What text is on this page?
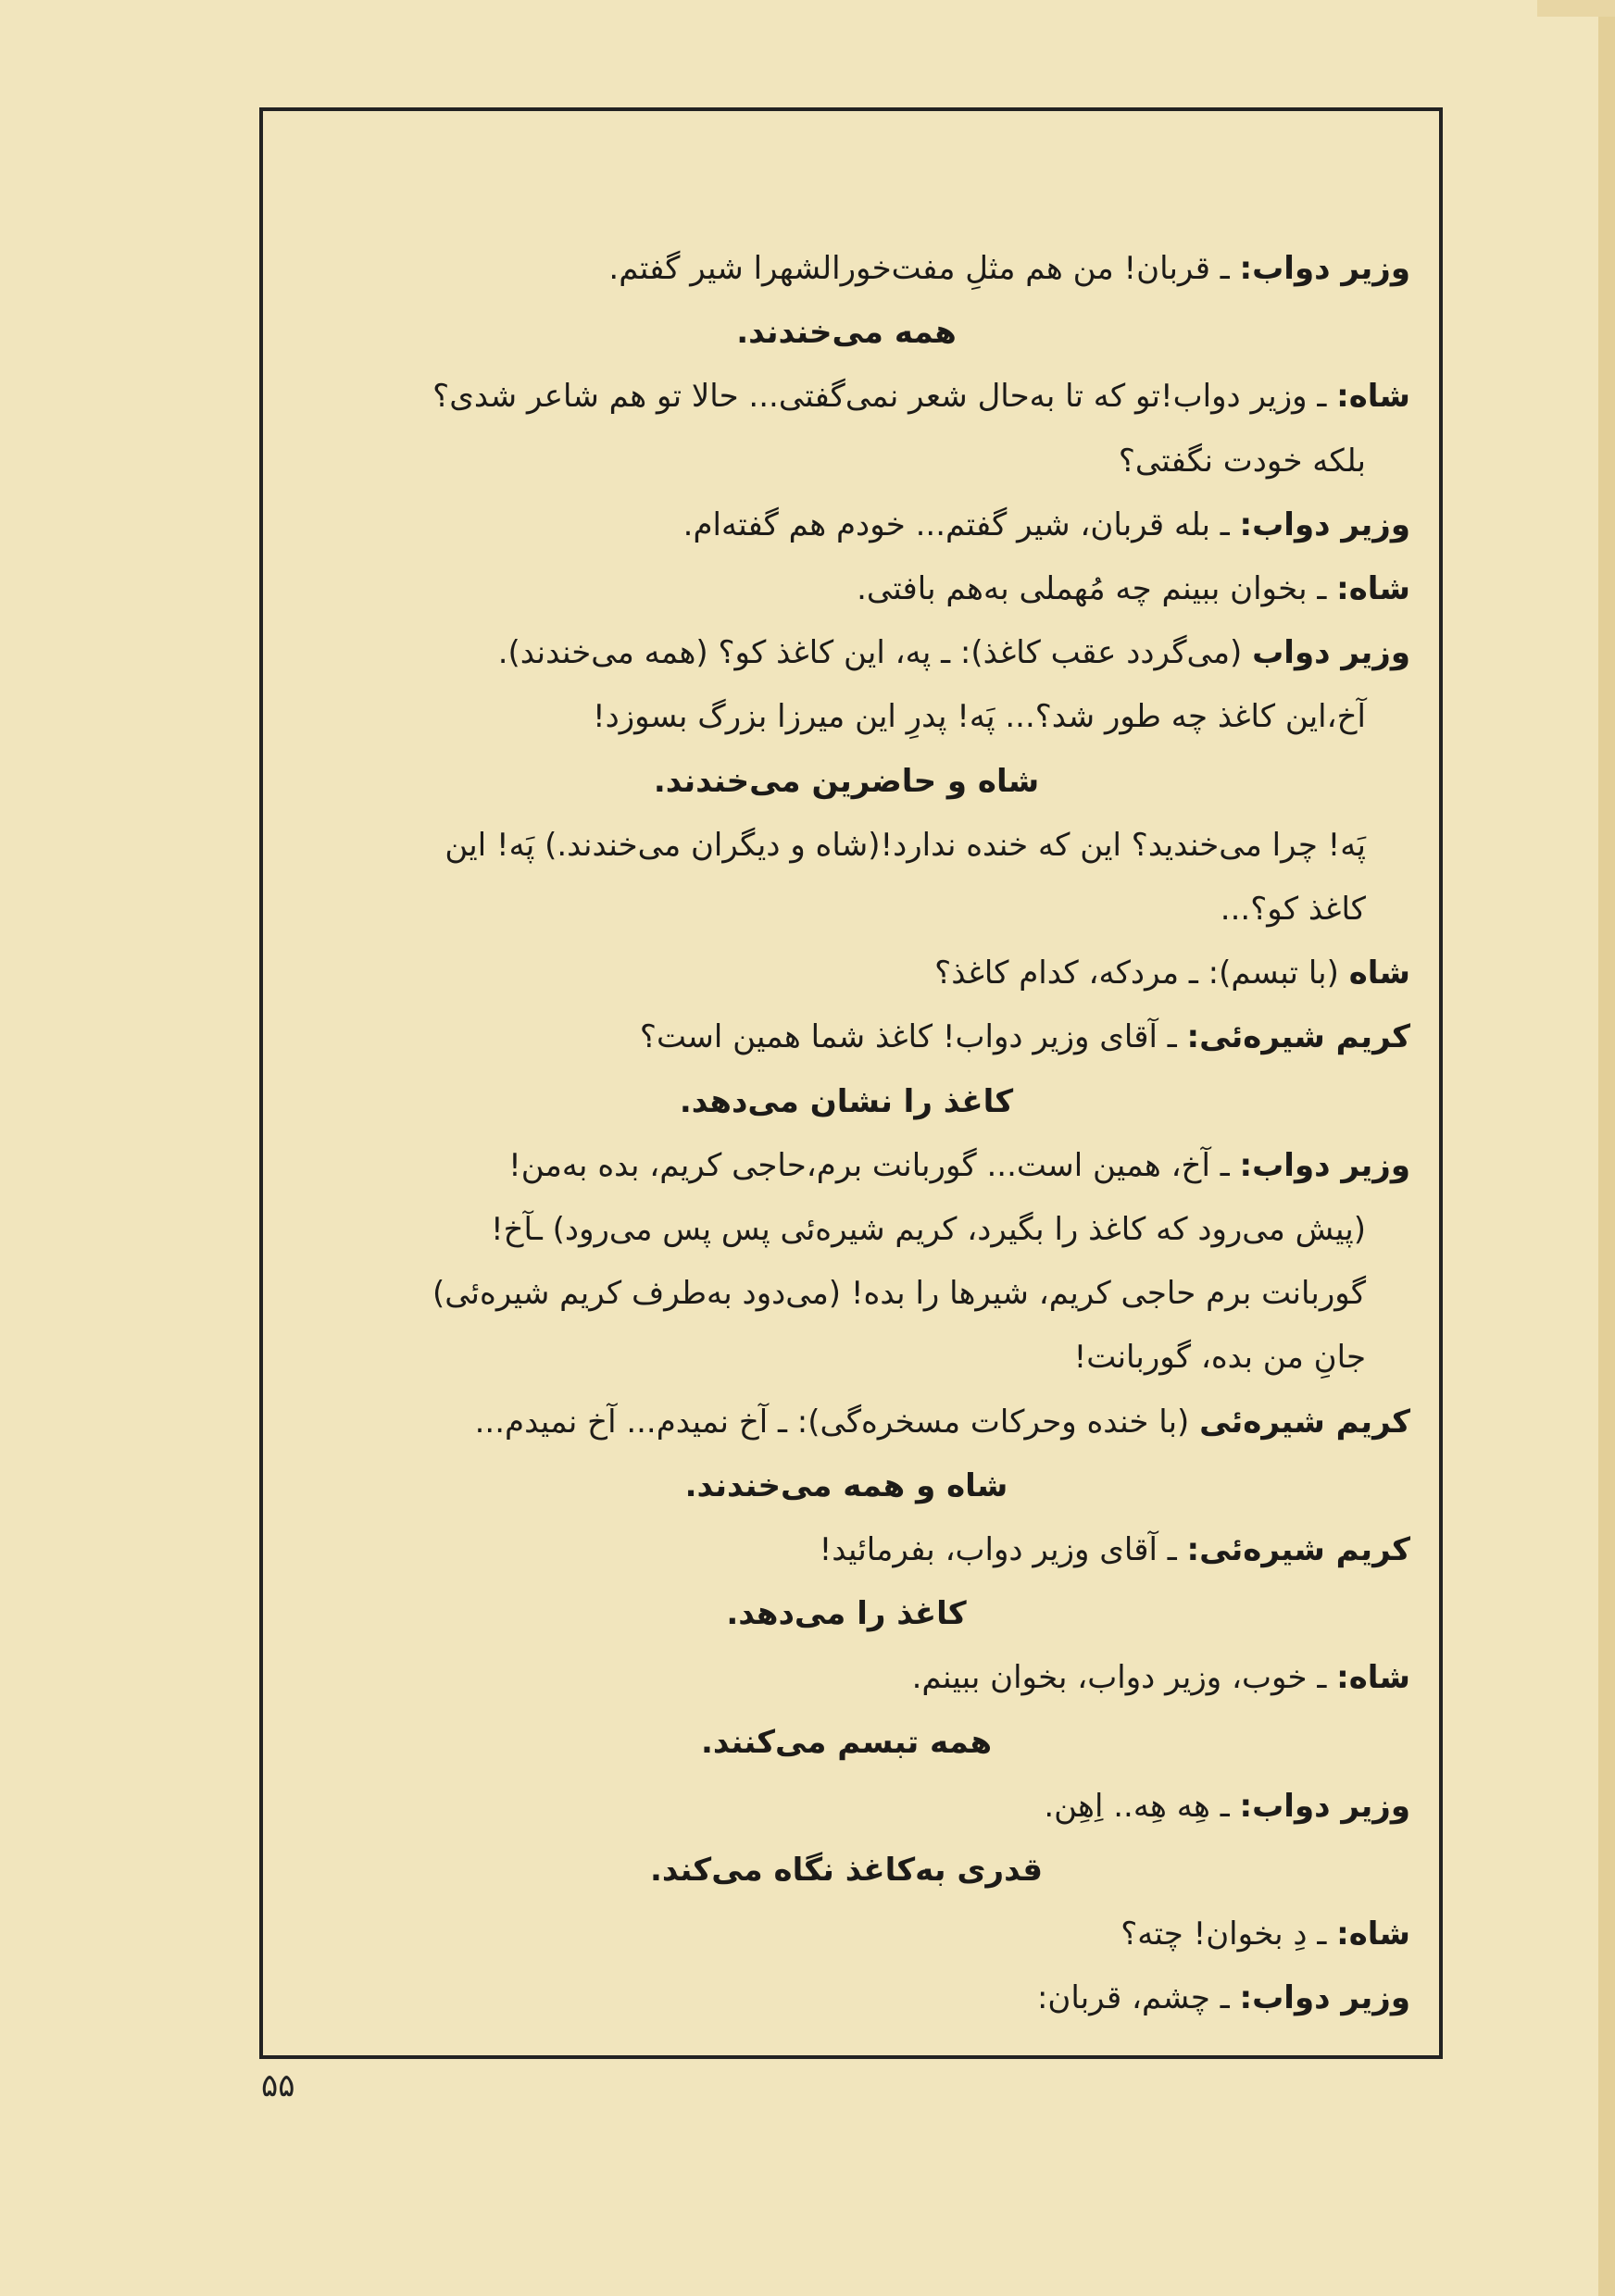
وزیر دواب: ـ قربان! من هم مثلِ مفت‌خورالشهرا شیر گفتم.
همه می‌خندند.
شاه: ـ وزیر دواب!تو که تا به‌حال شعر نمی‌گفتی... حالا تو هم شاعر شدی؟
بلکه خودت نگفتی؟
وزیر دواب: ـ بله قربان، شیر گفتم... خودم هم گفته‌ام.
شاه: ـ بخوان ببینم چه مُهملی به‌هم بافتی.
وزیر دواب (می‌گردد عقب کاغذ): ـ په، این کاغذ کو؟ (همه می‌خندند).
آخ،این کاغذ چه طور شد؟... پَه! پدرِ این میرزا بزرگ بسوزد!
شاه و حاضرین می‌خندند.
پَه! چرا می‌خندید؟ این که خنده ندارد!(شاه و دیگران می‌خندند.) پَه! این
کاغذ کو؟...
شاه (با تبسم): ـ مردکه، کدام کاغذ؟
کریم شیره‌ئی: ـ آقای وزیر دواب! کاغذ شما همین است؟
کاغذ را نشان می‌دهد.
وزیر دواب: ـ آخ، همین است... گوربانت برم،حاجی کریم، بده به‌من!
(پیش می‌رود که کاغذ را بگیرد، کریم شیره‌ئی پس پس می‌رود) ـآخ!
گوربانت برم حاجی کریم، شیرها را بده! (می‌دود به‌طرف کریم شیره‌ئی)
جانِ من بده، گوربانت!
کریم شیره‌ئی (با خنده وحرکات مسخره‌گی): ـ آخ نمیدم... آخ نمیدم...
شاه و همه می‌خندند.
کریم شیره‌ئی: ـ آقای وزیر دواب، بفرمائید!
کاغذ را می‌دهد.
شاه: ـ خوب، وزیر دواب، بخوان ببینم.
همه تبسم می‌کنند.
وزیر دواب: ـ هِه هِه.. اِهِن.
قدری به‌کاغذ نگاه می‌کند.
شاه: ـ دِ بخوان! چته؟
وزیر دواب: ـ چشم، قربان:
۵۵
